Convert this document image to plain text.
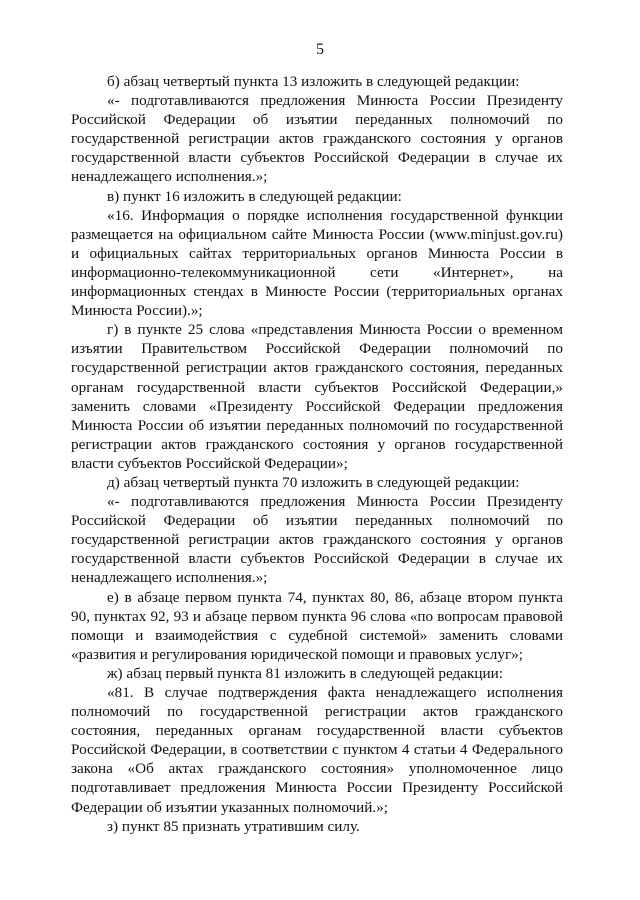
5

б) абзац четвертый пункта 13 изложить в следующей редакции:

«- подготавливаются предложения Минюста России Президенту Российской Федерации об изъятии переданных полномочий по государственной регистрации актов гражданского состояния у органов государственной власти субъектов Российской Федерации в случае их ненадлежащего исполнения.»;

в) пункт 16 изложить в следующей редакции:

«16. Информация о порядке исполнения государственной функции размещается на официальном сайте Минюста России (www.minjust.gov.ru) и официальных сайтах территориальных органов Минюста России в информационно-телекоммуникационной сети «Интернет», на информационных стендах в Минюсте России (территориальных органах Минюста России).»;

г) в пункте 25 слова «представления Минюста России о временном изъятии Правительством Российской Федерации полномочий по государственной регистрации актов гражданского состояния, переданных органам государственной власти субъектов Российской Федерации,» заменить словами «Президенту Российской Федерации предложения Минюста России об изъятии переданных полномочий по государственной регистрации актов гражданского состояния у органов государственной власти субъектов Российской Федерации»;

д) абзац четвертый пункта 70 изложить в следующей редакции:

«- подготавливаются предложения Минюста России Президенту Российской Федерации об изъятии переданных полномочий по государственной регистрации актов гражданского состояния у органов государственной власти субъектов Российской Федерации в случае их ненадлежащего исполнения.»;

е) в абзаце первом пункта 74, пунктах 80, 86, абзаце втором пункта 90, пунктах 92, 93 и абзаце первом пункта 96 слова «по вопросам правовой помощи и взаимодействия с судебной системой» заменить словами «развития и регулирования юридической помощи и правовых услуг»;

ж) абзац первый пункта 81 изложить в следующей редакции:

«81. В случае подтверждения факта ненадлежащего исполнения полномочий по государственной регистрации актов гражданского состояния, переданных органам государственной власти субъектов Российской Федерации, в соответствии с пунктом 4 статьи 4 Федерального закона «Об актах гражданского состояния» уполномоченное лицо подготавливает предложения Минюста России Президенту Российской Федерации об изъятии указанных полномочий.»;

з) пункт 85 признать утратившим силу.
